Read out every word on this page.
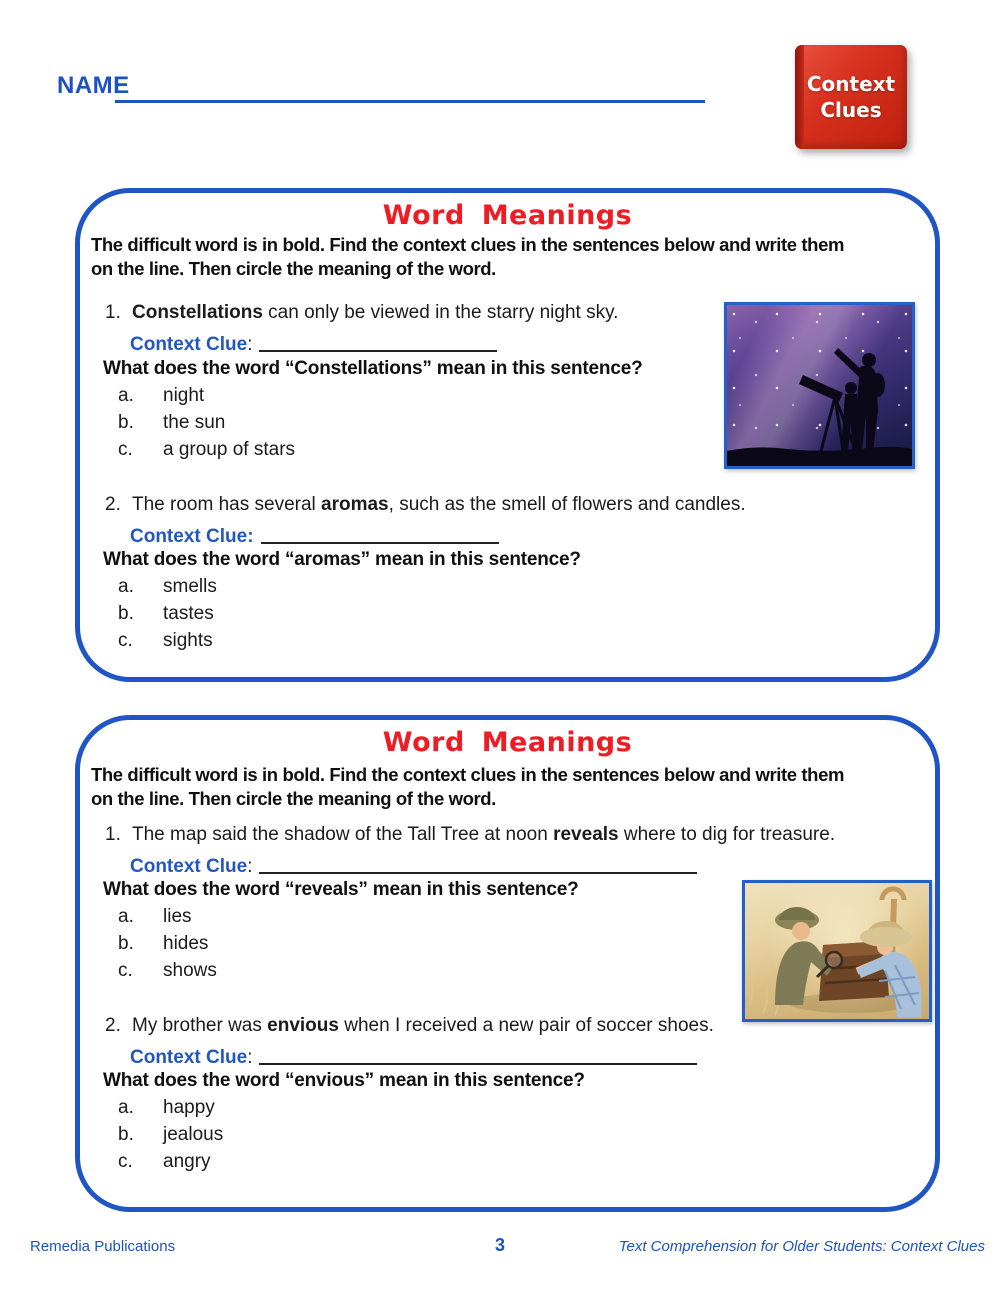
NAME	Context
Clues
Word Meanings
The difficult word is in bold. Find the context clues in the sentences below and write them
on the line. Then circle the meaning of the word.
1. Constellations can only be viewed in the starry night sky.
Context Clue:
What does the word “Constellations” mean in this sentence?
a. night
b. the sun
c. a group of stars
2. The room has several aromas, such as the smell of flowers and candles.
Context Clue:
What does the word “aromas” mean in this sentence?
a. smells
b. tastes
c. sights
Word Meanings
The difficult word is in bold. Find the context clues in the sentences below and write them
on the line. Then circle the meaning of the word.
1. The map said the shadow of the Tall Tree at noon reveals where to dig for treasure.
Context Clue:
What does the word “reveals” mean in this sentence?
a. lies
b. hides
c. shows
2. My brother was envious when I received a new pair of soccer shoes.
Context Clue:
What does the word “envious” mean in this sentence?
a. happy
b. jealous
c. angry
Remedia Publications	3	Text Comprehension for Older Students: Context Clues
